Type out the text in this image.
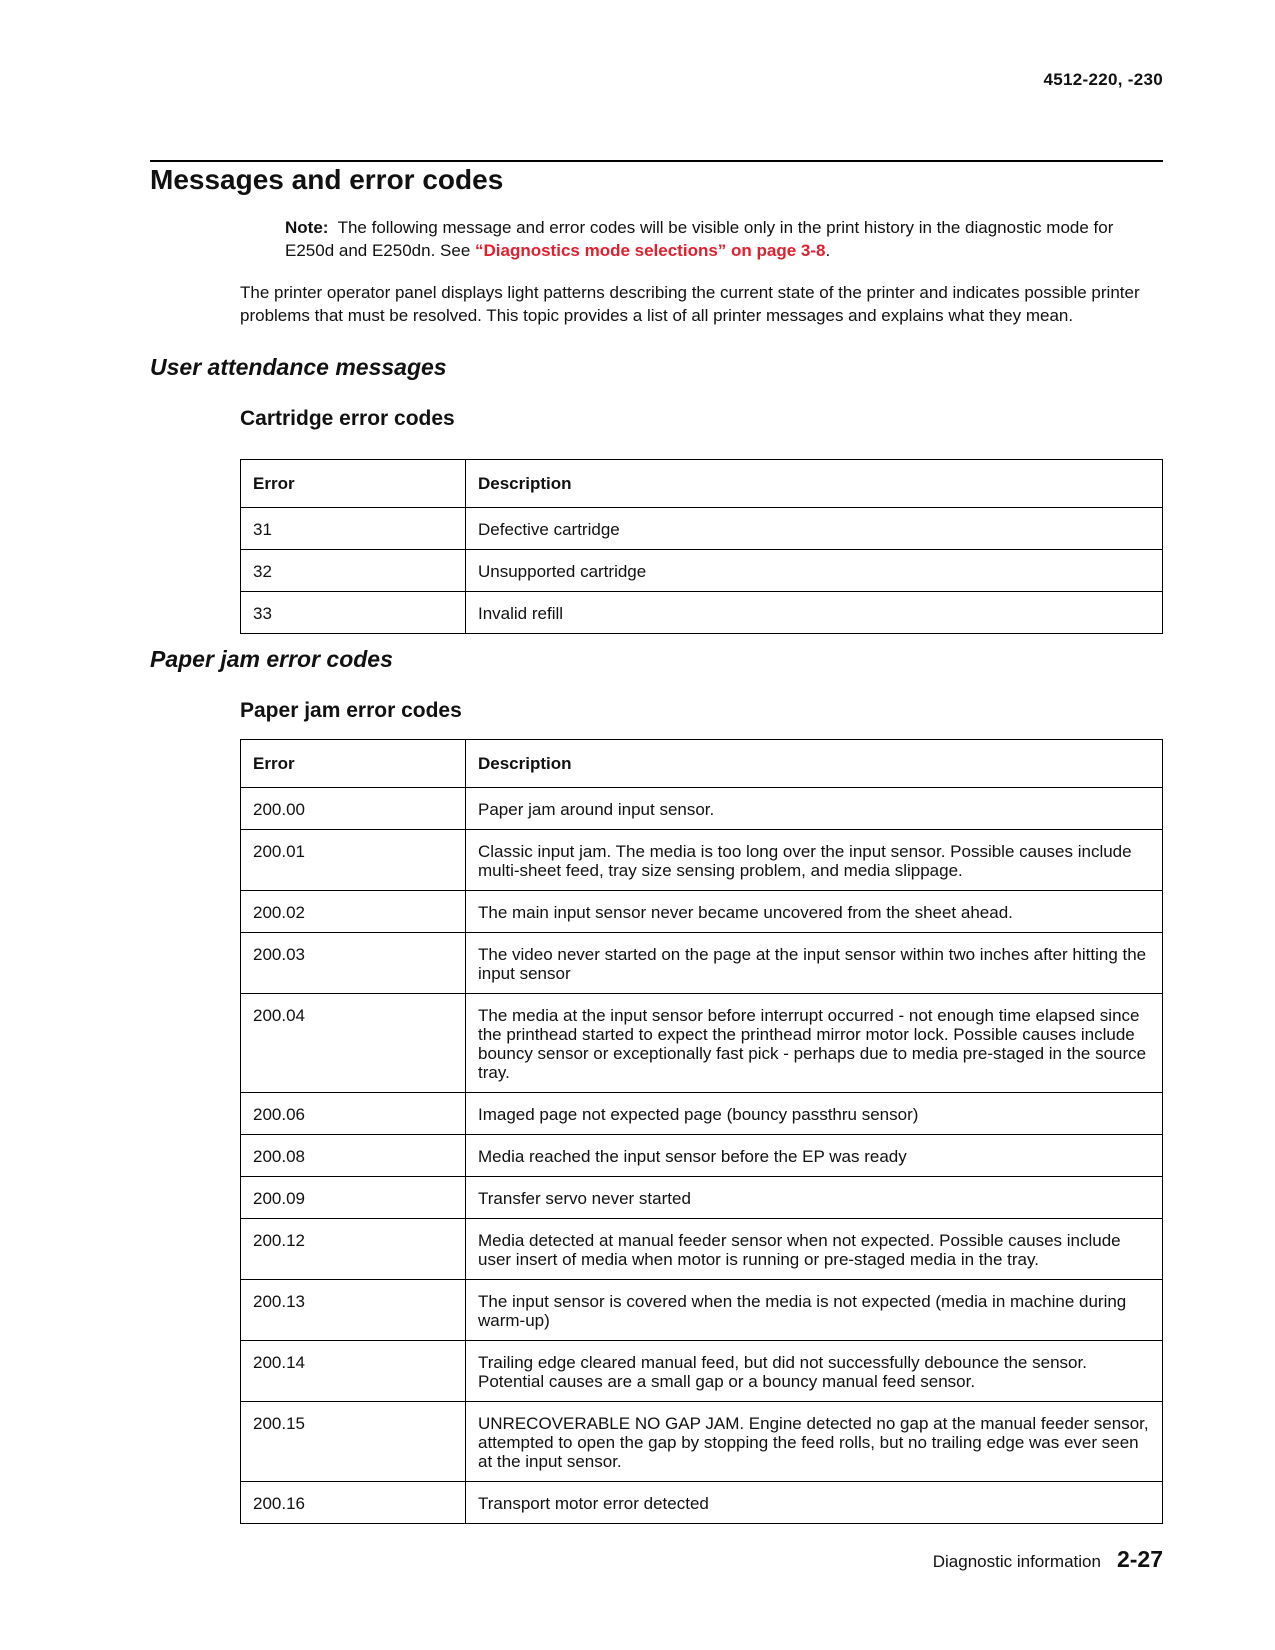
4512-220, -230
Messages and error codes

Note: The following message and error codes will be visible only in the print history in the diagnostic mode for E250d and E250dn. See “Diagnostics mode selections” on page 3-8.

The printer operator panel displays light patterns describing the current state of the printer and indicates possible printer problems that must be resolved. This topic provides a list of all printer messages and explains what they mean.

User attendance messages
Cartridge error codes
Error	Description
31	Defective cartridge
32	Unsupported cartridge
33	Invalid refill
Paper jam error codes
Paper jam error codes
Error	Description
200.00	Paper jam around input sensor.
200.01	Classic input jam. The media is too long over the input sensor. Possible causes include multi-sheet feed, tray size sensing problem, and media slippage.
200.02	The main input sensor never became uncovered from the sheet ahead.
200.03	The video never started on the page at the input sensor within two inches after hitting the input sensor
200.04	The media at the input sensor before interrupt occurred - not enough time elapsed since the printhead started to expect the printhead mirror motor lock. Possible causes include bouncy sensor or exceptionally fast pick - perhaps due to media pre-staged in the source tray.
200.06	Imaged page not expected page (bouncy passthru sensor)
200.08	Media reached the input sensor before the EP was ready
200.09	Transfer servo never started
200.12	Media detected at manual feeder sensor when not expected. Possible causes include user insert of media when motor is running or pre-staged media in the tray.
200.13	The input sensor is covered when the media is not expected (media in machine during warm-up)
200.14	Trailing edge cleared manual feed, but did not successfully debounce the sensor. Potential causes are a small gap or a bouncy manual feed sensor.
200.15	UNRECOVERABLE NO GAP JAM. Engine detected no gap at the manual feeder sensor, attempted to open the gap by stopping the feed rolls, but no trailing edge was ever seen at the input sensor.
200.16	Transport motor error detected
Diagnostic information 2-27
